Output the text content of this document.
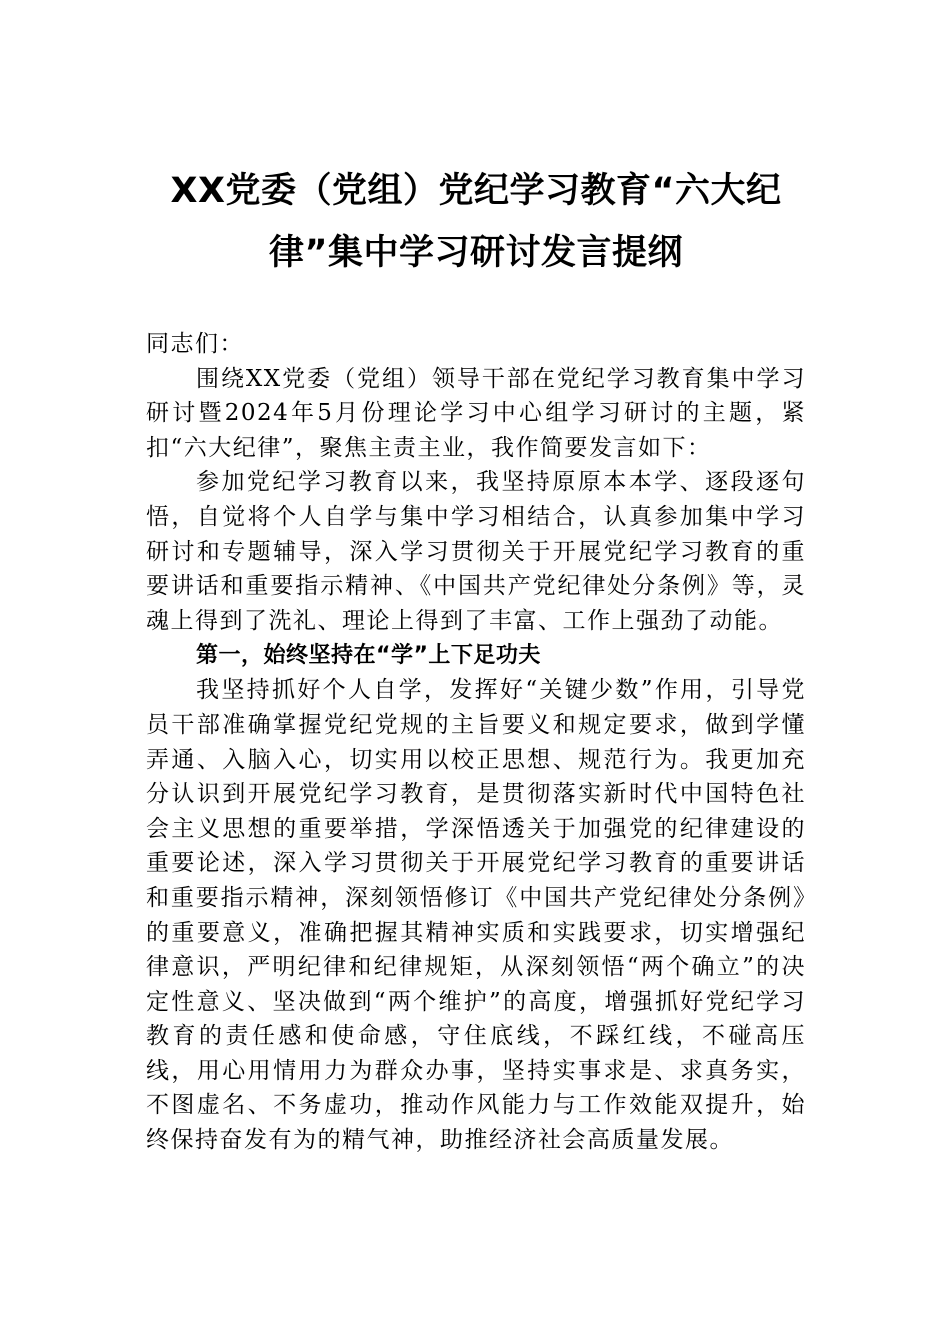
XX党委（党组）党纪学习教育“六大纪
律”集中学习研讨发言提纲

同志们：

围绕XX党委（党组）领导干部在党纪学习教育集中学习研讨暨2024年5月份理论学习中心组学习研讨的主题，紧扣“六大纪律”，聚焦主责主业，我作简要发言如下：

参加党纪学习教育以来，我坚持原原本本学、逐段逐句悟，自觉将个人自学与集中学习相结合，认真参加集中学习研讨和专题辅导，深入学习贯彻关于开展党纪学习教育的重要讲话和重要指示精神、《中国共产党纪律处分条例》等，灵魂上得到了洗礼、理论上得到了丰富、工作上强劲了动能。

第一，始终坚持在“学”上下足功夫

我坚持抓好个人自学，发挥好“关键少数”作用，引导党员干部准确掌握党纪党规的主旨要义和规定要求，做到学懂弄通、入脑入心，切实用以校正思想、规范行为。我更加充分认识到开展党纪学习教育，是贯彻落实新时代中国特色社会主义思想的重要举措，学深悟透关于加强党的纪律建设的重要论述，深入学习贯彻关于开展党纪学习教育的重要讲话和重要指示精神，深刻领悟修订《中国共产党纪律处分条例》的重要意义，准确把握其精神实质和实践要求，切实增强纪律意识，严明纪律和纪律规矩，从深刻领悟“两个确立”的决定性意义、坚决做到“两个维护”的高度，增强抓好党纪学习教育的责任感和使命感，守住底线，不踩红线，不碰高压线，用心用情用力为群众办事，坚持实事求是、求真务实，不图虚名、不务虚功，推动作风能力与工作效能双提升，始终保持奋发有为的精气神，助推经济社会高质量发展。
